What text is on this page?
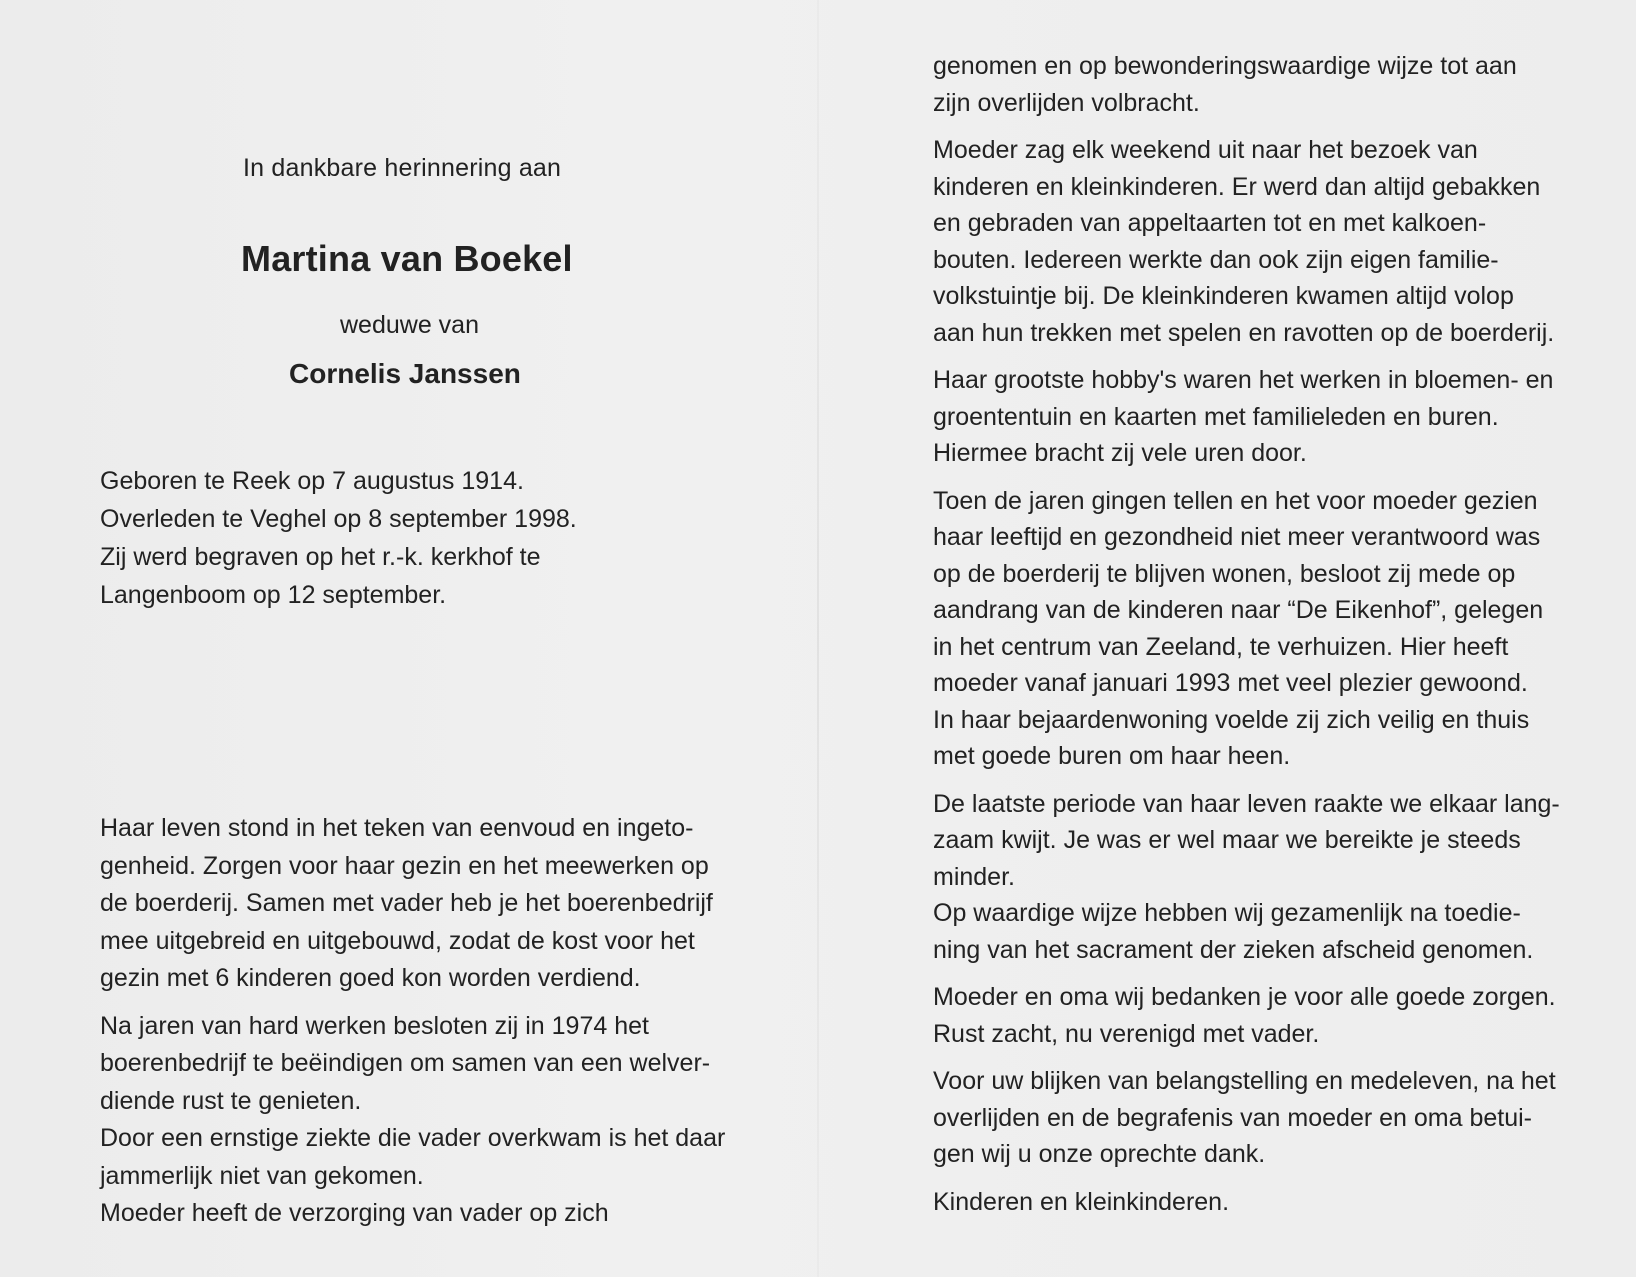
In dankbare herinnering aan
Martina van Boekel
weduwe van
Cornelis Janssen
Geboren te Reek op 7 augustus 1914.
Overleden te Veghel op 8 september 1998.
Zij werd begraven op het r.-k. kerkhof te
Langenboom op 12 september.
Haar leven stond in het teken van eenvoud en ingeto-
genheid. Zorgen voor haar gezin en het meewerken op
de boerderij. Samen met vader heb je het boerenbedrijf
mee uitgebreid en uitgebouwd, zodat de kost voor het
gezin met 6 kinderen goed kon worden verdiend.
Na jaren van hard werken besloten zij in 1974 het
boerenbedrijf te beëindigen om samen van een welver-
diende rust te genieten.
Door een ernstige ziekte die vader overkwam is het daar
jammerlijk niet van gekomen.
Moeder heeft de verzorging van vader op zich
genomen en op bewonderingswaardige wijze tot aan
zijn overlijden volbracht.
Moeder zag elk weekend uit naar het bezoek van
kinderen en kleinkinderen. Er werd dan altijd gebakken
en gebraden van appeltaarten tot en met kalkoen-
bouten. Iedereen werkte dan ook zijn eigen familie-
volkstuintje bij. De kleinkinderen kwamen altijd volop
aan hun trekken met spelen en ravotten op de boerderij.
Haar grootste hobby's waren het werken in bloemen- en
groententuin en kaarten met familieleden en buren.
Hiermee bracht zij vele uren door.
Toen de jaren gingen tellen en het voor moeder gezien
haar leeftijd en gezondheid niet meer verantwoord was
op de boerderij te blijven wonen, besloot zij mede op
aandrang van de kinderen naar “De Eikenhof”, gelegen
in het centrum van Zeeland, te verhuizen. Hier heeft
moeder vanaf januari 1993 met veel plezier gewoond.
In haar bejaardenwoning voelde zij zich veilig en thuis
met goede buren om haar heen.
De laatste periode van haar leven raakte we elkaar lang-
zaam kwijt. Je was er wel maar we bereikte je steeds
minder.
Op waardige wijze hebben wij gezamenlijk na toedie-
ning van het sacrament der zieken afscheid genomen.
Moeder en oma wij bedanken je voor alle goede zorgen.
Rust zacht, nu verenigd met vader.
Voor uw blijken van belangstelling en medeleven, na het
overlijden en de begrafenis van moeder en oma betui-
gen wij u onze oprechte dank.
Kinderen en kleinkinderen.
